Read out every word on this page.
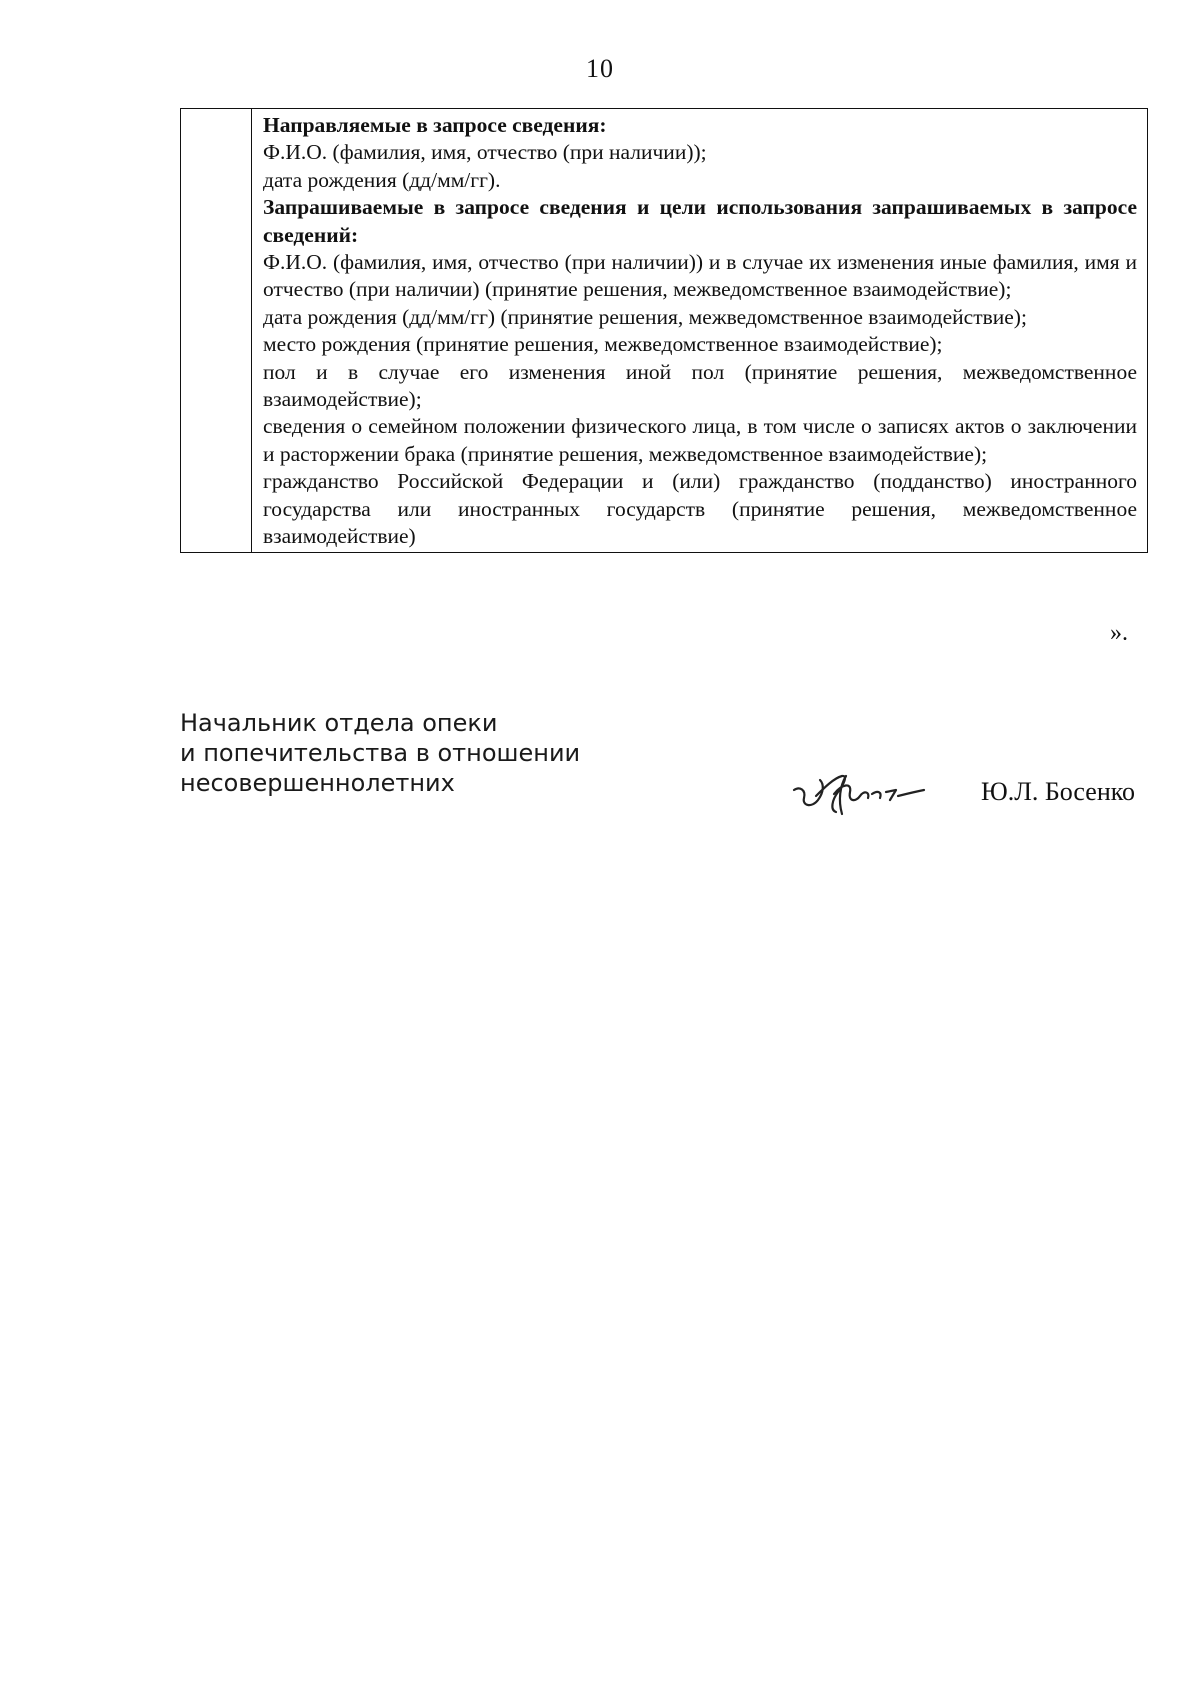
10

Направляемые в запросе сведения:

Ф.И.О. (фамилия, имя, отчество (при наличии));

дата рождения (дд/мм/гг).

Запрашиваемые в запросе сведения и цели использования запрашиваемых в запросе сведений:

Ф.И.О. (фамилия, имя, отчество (при наличии)) и в случае их изменения иные фамилия, имя и отчество (при наличии) (принятие решения, межведомственное взаимодействие);

дата рождения (дд/мм/гг) (принятие решения, межведомственное взаимодействие);

место рождения (принятие решения, межведомственное взаимодействие);

пол и в случае его изменения иной пол (принятие решения, межведомственное взаимодействие);

сведения о семейном положении физического лица, в том числе о записях актов о заключении и расторжении брака (принятие решения, межведомственное взаимодействие);

гражданство Российской Федерации и (или) гражданство (подданство) иностранного государства или иностранных государств (принятие решения, межведомственное взаимодействие)

».
Начальник отдела опеки
и попечительства в отношении
несовершеннолетних	Ю.Л. Босенко
